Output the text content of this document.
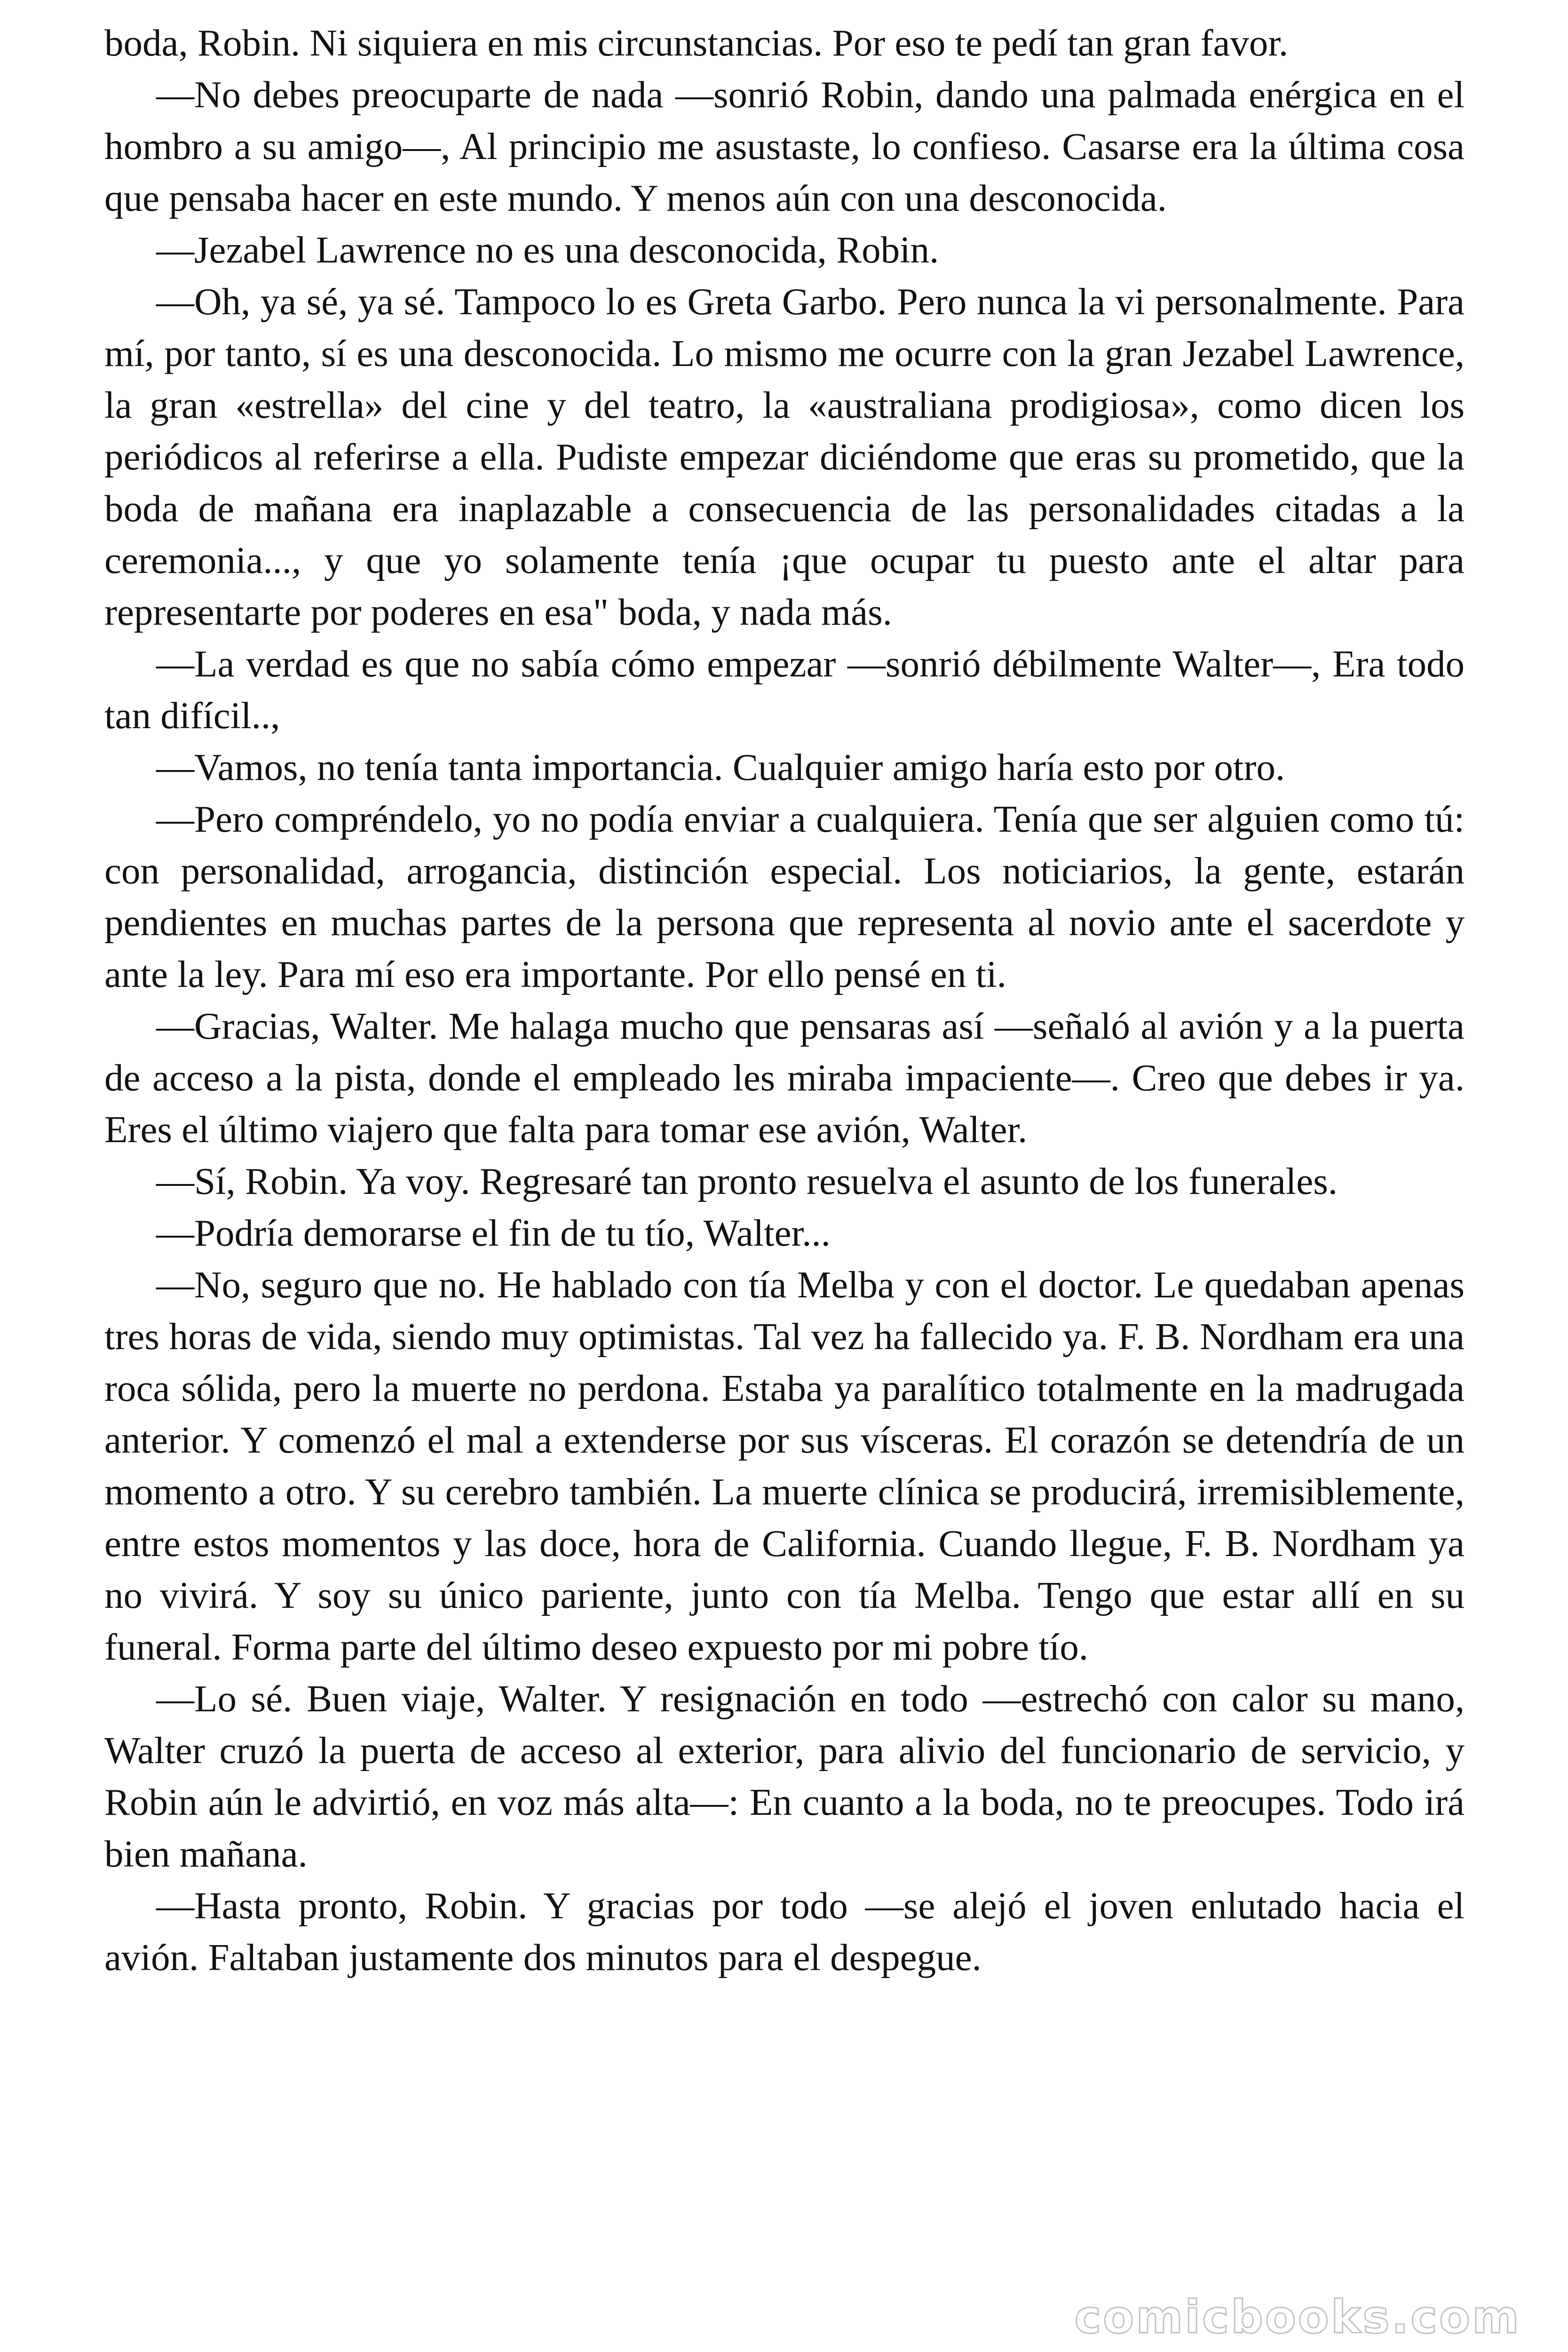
boda, Robin. Ni siquiera en mis circunstancias. Por eso te pedí tan gran favor.

—No debes preocuparte de nada —sonrió Robin, dando una palmada enérgica en el hombro a su amigo—, Al principio me asustaste, lo confieso. Casarse era la última cosa que pensaba hacer en este mundo. Y menos aún con una desconocida.

—Jezabel Lawrence no es una desconocida, Robin.

—Oh, ya sé, ya sé. Tampoco lo es Greta Garbo. Pero nunca la vi personalmente. Para mí, por tanto, sí es una desconocida. Lo mismo me ocurre con la gran Jezabel Lawrence, la gran «estrella» del cine y del teatro, la «australiana prodigiosa», como dicen los periódicos al referirse a ella. Pudiste empezar diciéndome que eras su prometido, que la boda de mañana era inaplazable a consecuencia de las personalidades citadas a la ceremonia..., y que yo solamente tenía ¡que ocupar tu puesto ante el altar para representarte por poderes en esa" boda, y nada más.

—La verdad es que no sabía cómo empezar —sonrió débilmente Walter—, Era todo tan difícil..,

—Vamos, no tenía tanta importancia. Cualquier amigo haría esto por otro.

—Pero compréndelo, yo no podía enviar a cualquiera. Tenía que ser alguien como tú: con personalidad, arrogancia, distinción especial. Los noticiarios, la gente, estarán pendientes en muchas partes de la persona que representa al novio ante el sacerdote y ante la ley. Para mí eso era importante. Por ello pensé en ti.

—Gracias, Walter. Me halaga mucho que pensaras así —señaló al avión y a la puerta de acceso a la pista, donde el empleado les miraba impaciente—. Creo que debes ir ya. Eres el último viajero que falta para tomar ese avión, Walter.

—Sí, Robin. Ya voy. Regresaré tan pronto resuelva el asunto de los funerales.

—Podría demorarse el fin de tu tío, Walter...

—No, seguro que no. He hablado con tía Melba y con el doctor. Le quedaban apenas tres horas de vida, siendo muy optimistas. Tal vez ha fallecido ya. F. B. Nordham era una roca sólida, pero la muerte no perdona. Estaba ya paralítico totalmente en la madrugada anterior. Y comenzó el mal a extenderse por sus vísceras. El corazón se detendría de un momento a otro. Y su cerebro también. La muerte clínica se producirá, irremisiblemente, entre estos momentos y las doce, hora de California. Cuando llegue, F. B. Nordham ya no vivirá. Y soy su único pariente, junto con tía Melba. Tengo que estar allí en su funeral. Forma parte del último deseo expuesto por mi pobre tío.

—Lo sé. Buen viaje, Walter. Y resignación en todo —estrechó con calor su mano, Walter cruzó la puerta de acceso al exterior, para alivio del funcionario de servicio, y Robin aún le advirtió, en voz más alta—: En cuanto a la boda, no te preocupes. Todo irá bien mañana.

—Hasta pronto, Robin. Y gracias por todo —se alejó el joven enlutado hacia el avión. Faltaban justamente dos minutos para el despegue.

comicbooks.com
